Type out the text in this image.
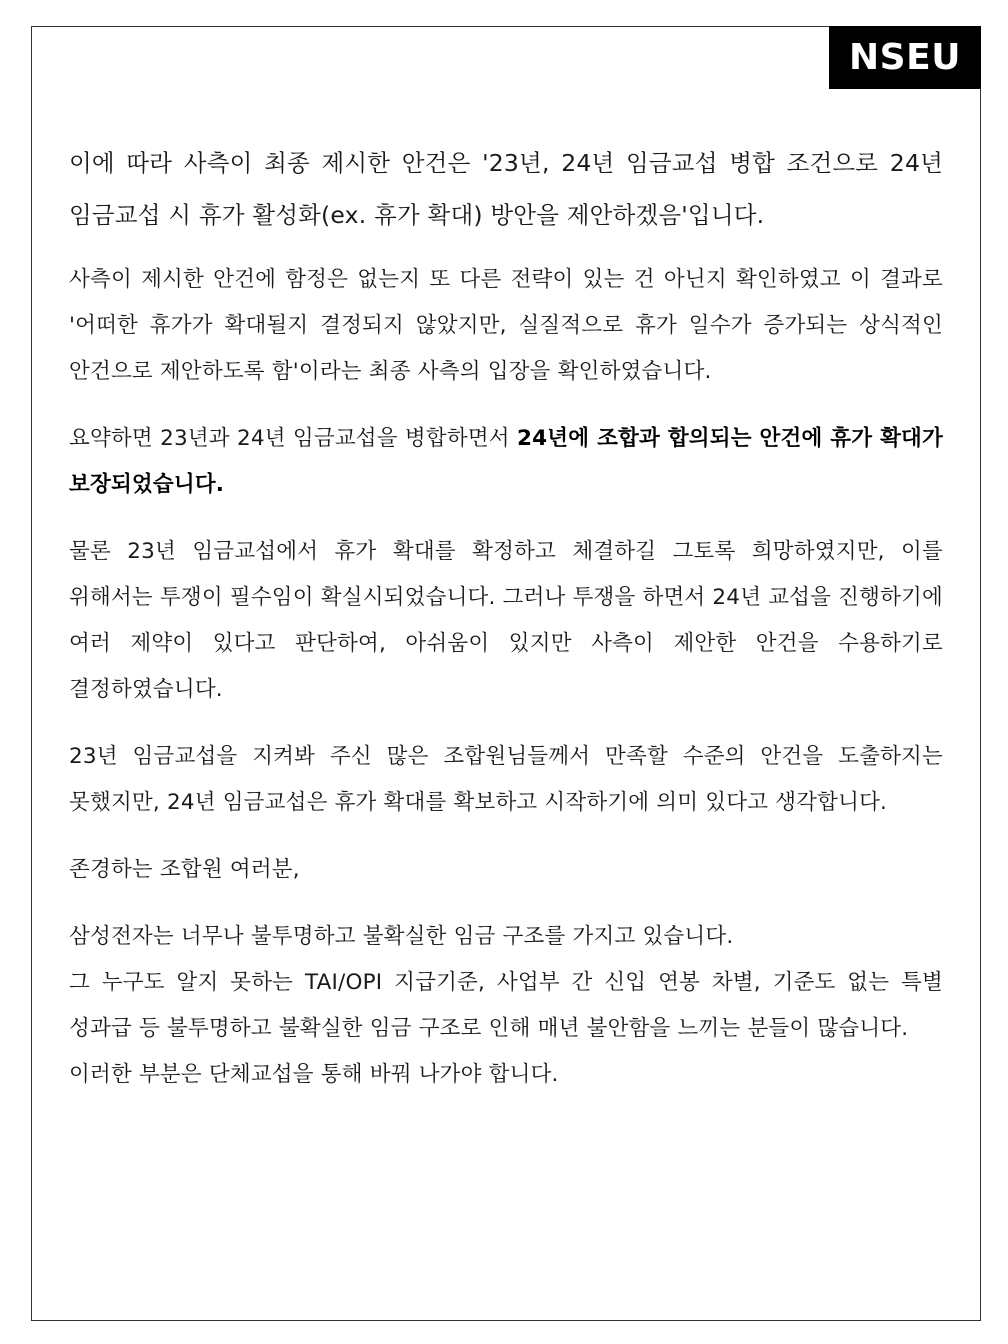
NSEU

이에 따라 사측이 최종 제시한 안건은 '23년, 24년 임금교섭 병합 조건으로 24년 임금교섭 시 휴가 활성화(ex. 휴가 확대) 방안을 제안하겠음'입니다.

사측이 제시한 안건에 함정은 없는지 또 다른 전략이 있는 건 아닌지 확인하였고 이 결과로 '어떠한 휴가가 확대될지 결정되지 않았지만, 실질적으로 휴가 일수가 증가되는 상식적인 안건으로 제안하도록 함'이라는 최종 사측의 입장을 확인하였습니다.

요약하면 23년과 24년 임금교섭을 병합하면서 24년에 조합과 합의되는 안건에 휴가 확대가 보장되었습니다.

물론 23년 임금교섭에서 휴가 확대를 확정하고 체결하길 그토록 희망하였지만, 이를 위해서는 투쟁이 필수임이 확실시되었습니다. 그러나 투쟁을 하면서 24년 교섭을 진행하기에 여러 제약이 있다고 판단하여, 아쉬움이 있지만 사측이 제안한 안건을 수용하기로 결정하였습니다.

23년 임금교섭을 지켜봐 주신 많은 조합원님들께서 만족할 수준의 안건을 도출하지는 못했지만, 24년 임금교섭은 휴가 확대를 확보하고 시작하기에 의미 있다고 생각합니다.

존경하는 조합원 여러분,

삼성전자는 너무나 불투명하고 불확실한 임금 구조를 가지고 있습니다.
그 누구도 알지 못하는 TAI/OPI 지급기준, 사업부 간 신입 연봉 차별, 기준도 없는 특별 성과급 등 불투명하고 불확실한 임금 구조로 인해 매년 불안함을 느끼는 분들이 많습니다.
이러한 부분은 단체교섭을 통해 바꿔 나가야 합니다.
